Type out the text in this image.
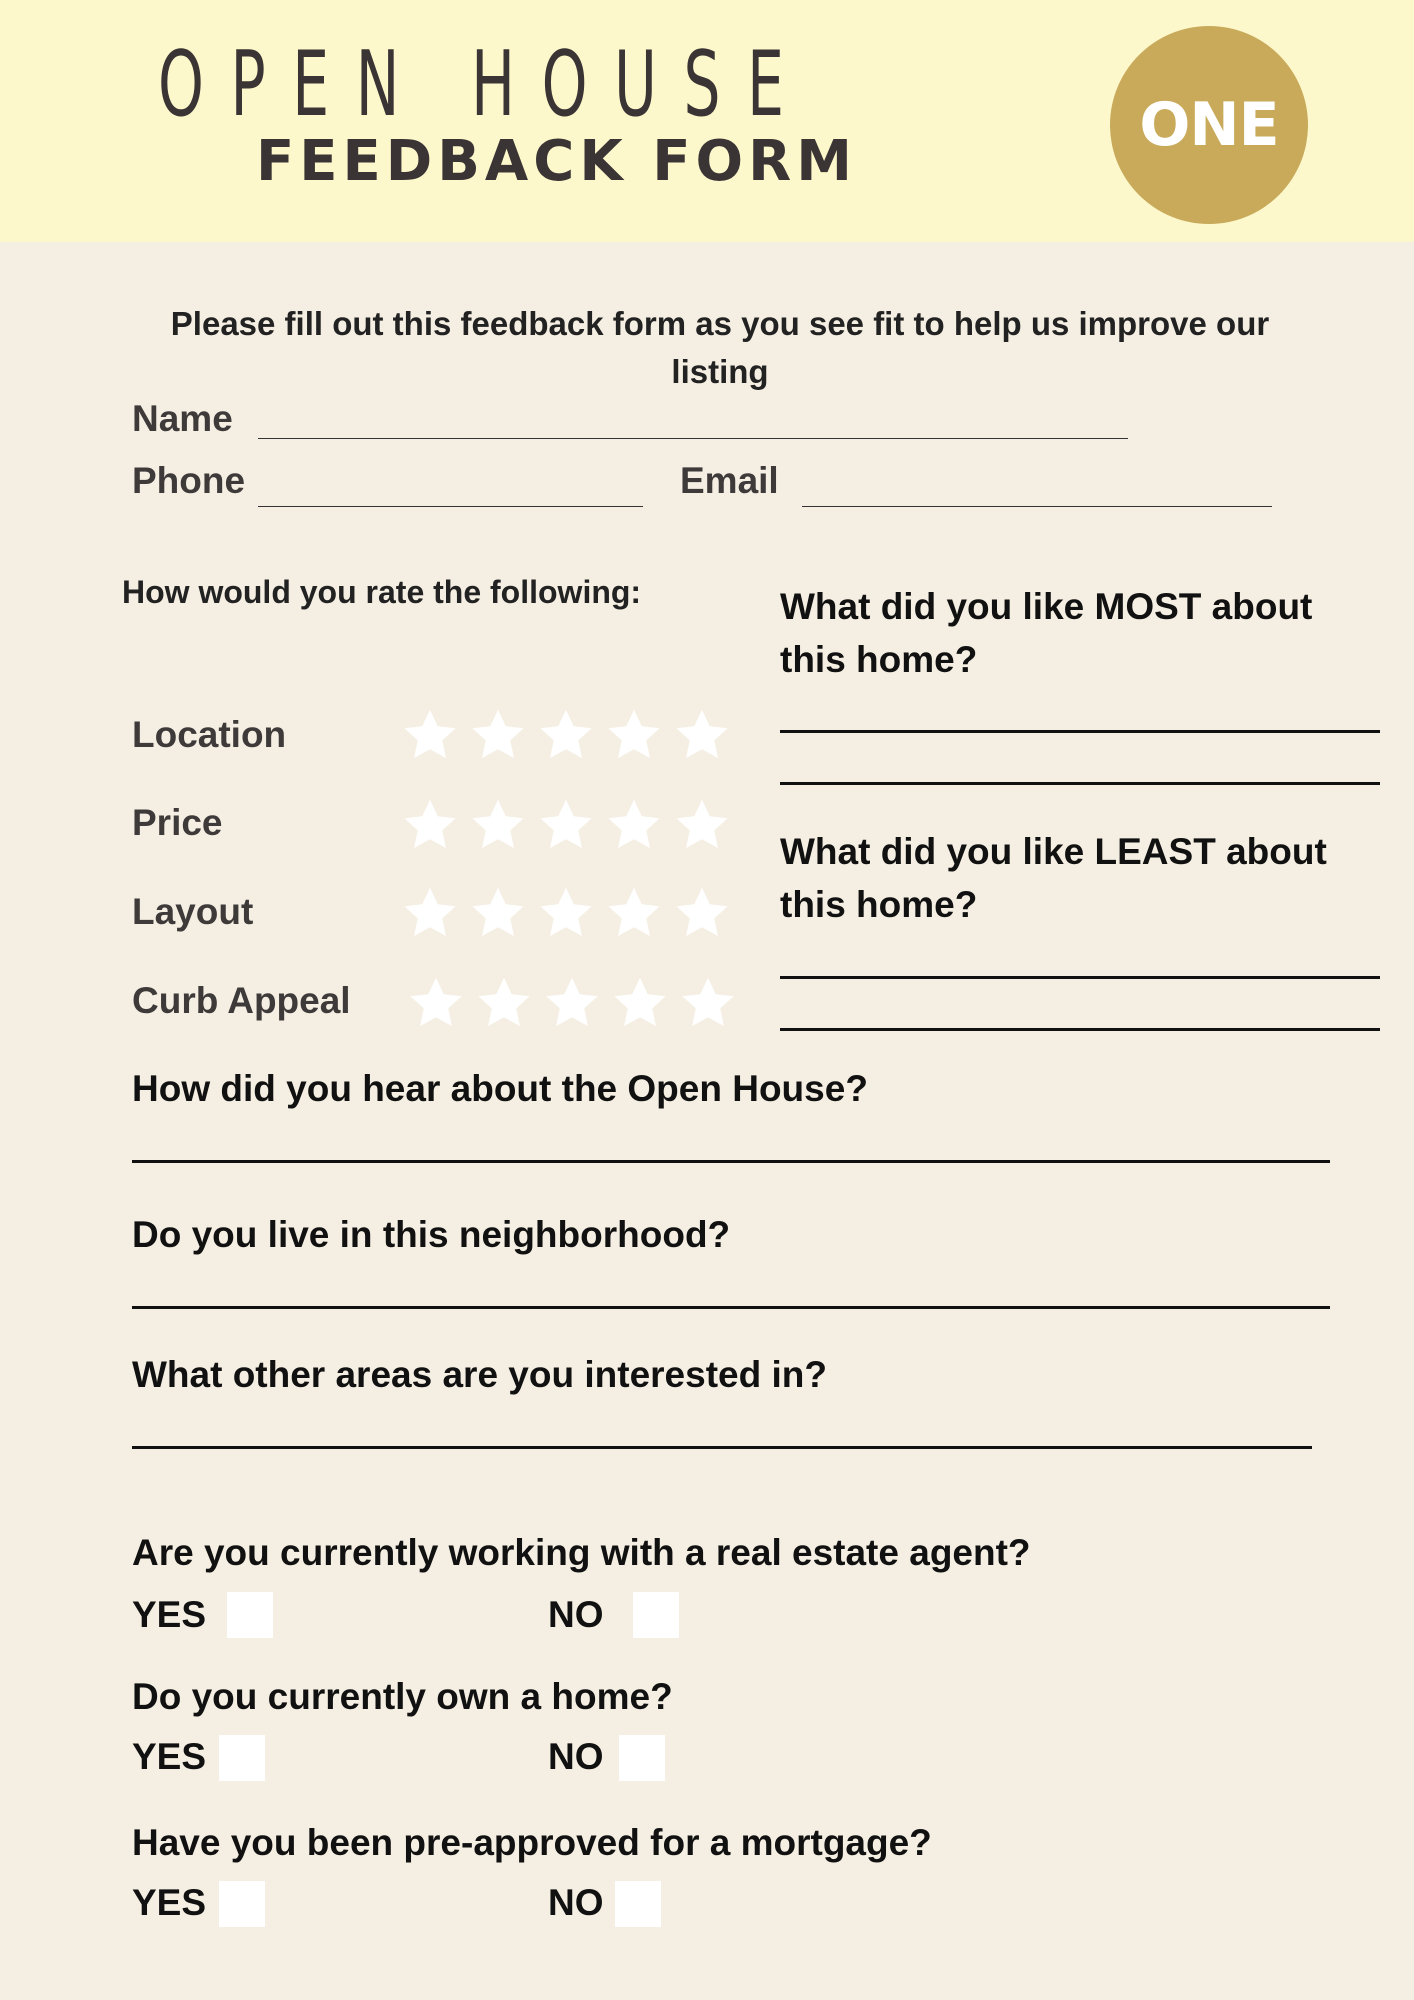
OPEN HOUSE
FEEDBACK FORM
ONE
Please fill out this feedback form as you see fit to help us improve our listing
Name
Phone	Email
How would you rate the following:
Location
Price
Layout
Curb Appeal
What did you like MOST about this home?
What did you like LEAST about this home?
How did you hear about the Open House?
Do you live in this neighborhood?
What other areas are you interested in?
Are you currently working with a real estate agent?
YES	NO
Do you currently own a home?
YES	NO
Have you been pre-approved for a mortgage?
YES	NO
